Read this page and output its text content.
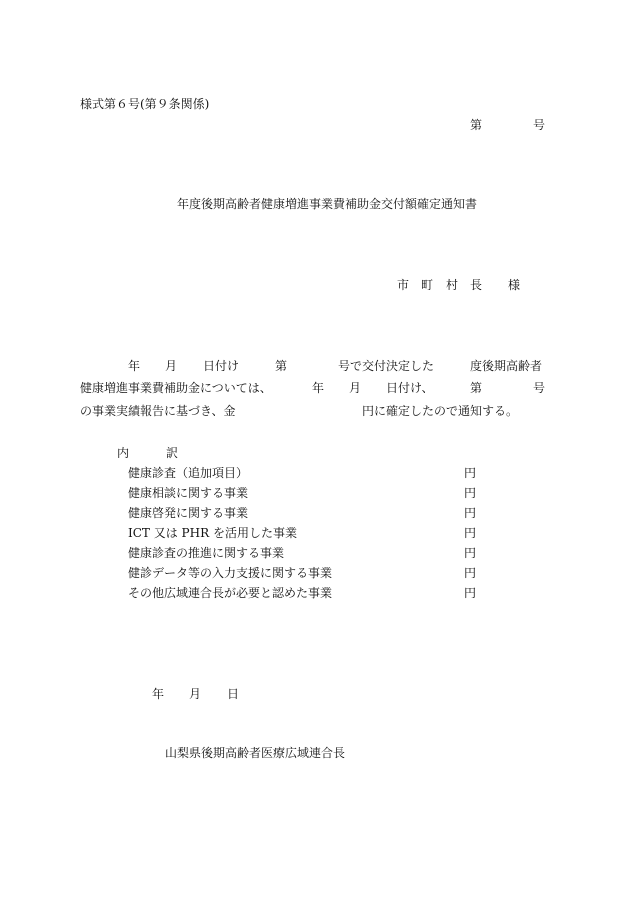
様式第６号(第９条関係)
第	号
年度後期高齢者健康増進事業費補助金交付額確定通知書
市 町 村 長 様
年 月 日付け	第	号で交付決定した	度後期高齢者
健康増進事業費補助金については、	年 月 日付け、	第	号
の事業実績報告に基づき、金	円に確定したので通知する。
内	訳
健康診査（追加項目）	円
健康相談に関する事業	円
健康啓発に関する事業	円
ICT 又は PHR を活用した事業	円
健康診査の推進に関する事業	円
健診データ等の入力支援に関する事業	円
その他広域連合長が必要と認めた事業	円
年 月 日
山梨県後期高齢者医療広域連合長
